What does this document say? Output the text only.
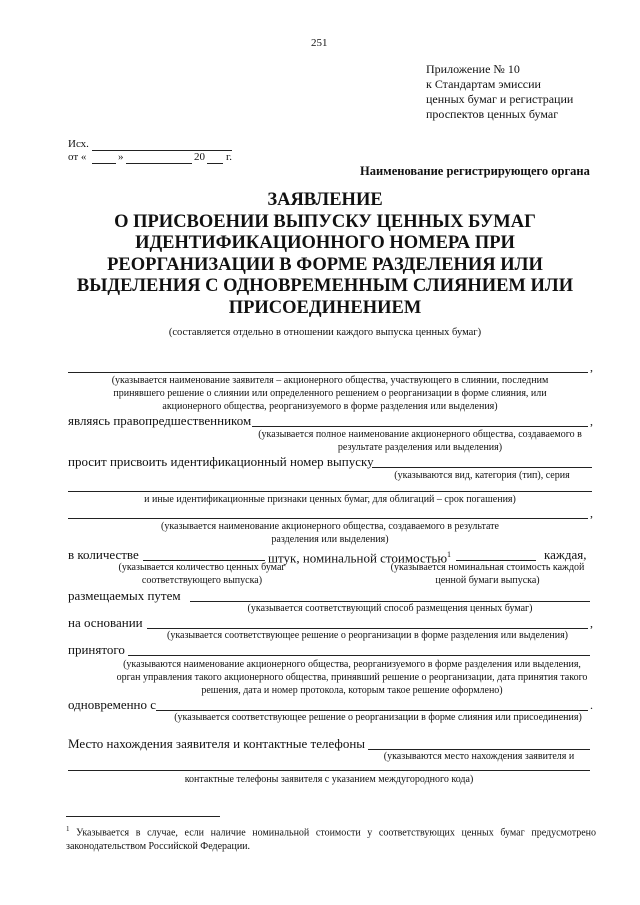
251
Приложение № 10
к Стандартам эмиссии
ценных бумаг и регистрации
проспектов ценных бумаг
Исх.
от «	»	20 г.
Наименование регистрирующего органа
ЗАЯВЛЕНИЕ
О ПРИСВОЕНИИ ВЫПУСКУ ЦЕННЫХ БУМАГ
ИДЕНТИФИКАЦИОННОГО НОМЕРА ПРИ
РЕОРГАНИЗАЦИИ В ФОРМЕ РАЗДЕЛЕНИЯ ИЛИ
ВЫДЕЛЕНИЯ С ОДНОВРЕМЕННЫМ СЛИЯНИЕМ ИЛИ
ПРИСОЕДИНЕНИЕМ
(составляется отдельно в отношении каждого выпуска ценных бумаг)
,
(указывается наименование заявителя – акционерного общества, участвующего в слиянии, последним принявшего решение о слиянии или определенного решением о реорганизации в форме слияния, или акционерного общества, реорганизуемого в форме разделения или выделения)
являясь правопредшественником	,
(указывается полное наименование акционерного общества, создаваемого в результате разделения или выделения)
просит присвоить идентификационный номер выпуску
(указываются вид, категория (тип), серия
и иные идентификационные признаки ценных бумаг, для облигаций – срок погашения)
,
(указывается наименование акционерного общества, создаваемого в результате разделения или выделения)
в количестве	штук, номинальной стоимостью$^1$	каждая,
(указывается количество ценных бумаг соответствующего выпуска)
(указывается номинальная стоимость каждой ценной бумаги выпуска)
размещаемых путем
(указывается соответствующий способ размещения ценных бумаг)
на основании	,
(указывается соответствующее решение о реорганизации в форме разделения или выделения)
принятого
(указываются наименование акционерного общества, реорганизуемого в форме разделения или выделения, орган управления такого акционерного общества, принявший решение о реорганизации, дата принятия такого решения, дата и номер протокола, которым такое решение оформлено)
одновременно с	.
(указывается соответствующее решение о реорганизации в форме слияния или присоединения)
Место нахождения заявителя и контактные телефоны
(указываются место нахождения заявителя и
контактные телефоны заявителя с указанием междугородного кода)
$^1$ Указывается в случае, если наличие номинальной стоимости у соответствующих ценных бумаг предусмотрено законодательством Российской Федерации.
